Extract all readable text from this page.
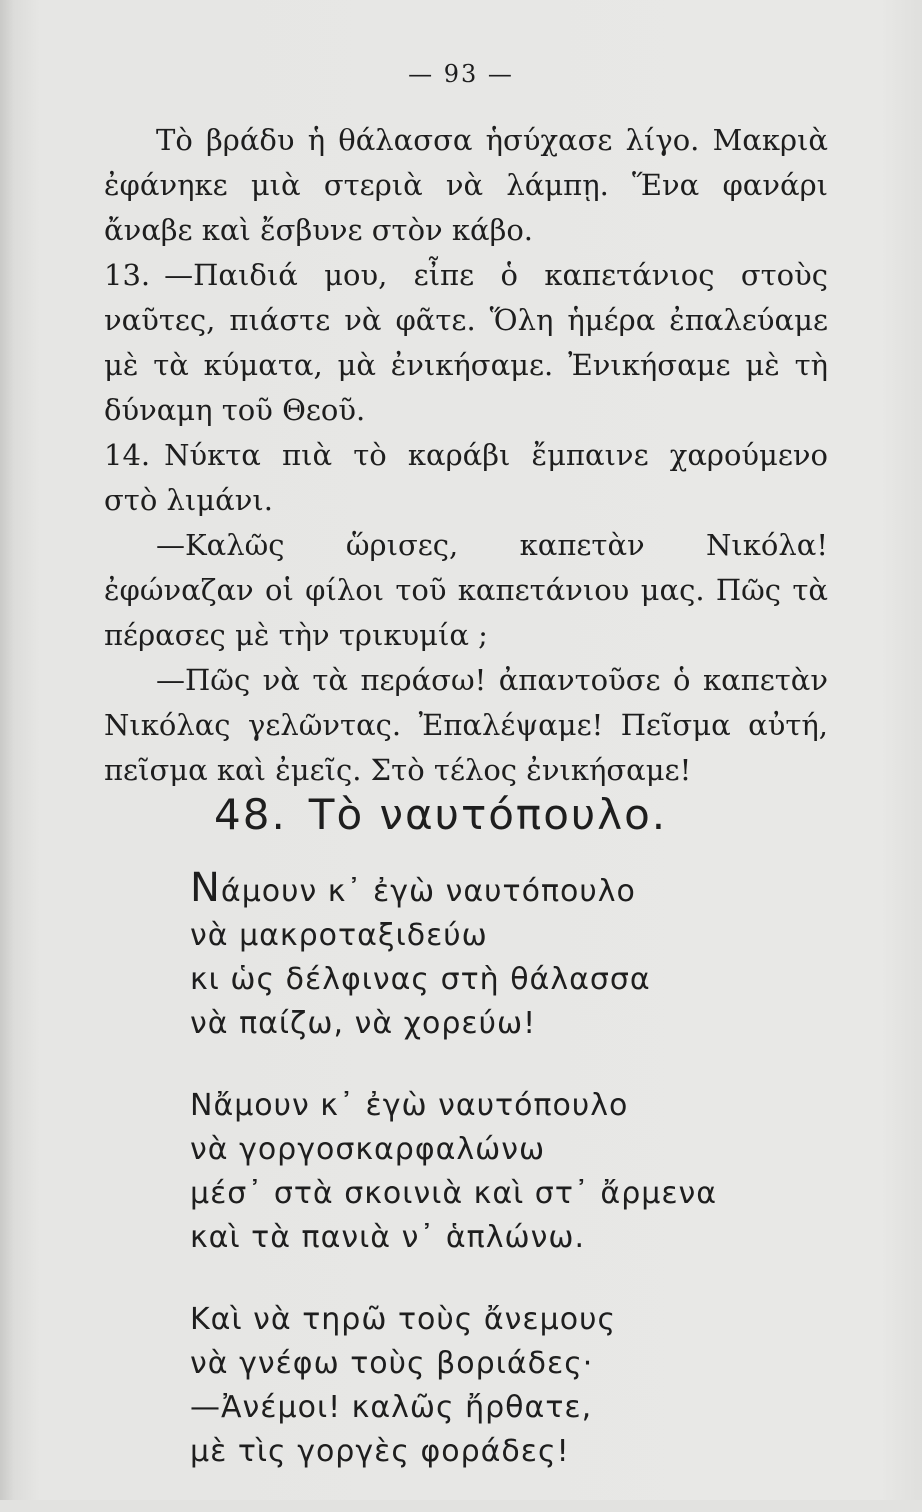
— 93 —

Τὸ βράδυ ἡ θάλασσα ἡσύχασε λίγο. Μακριὰ ἐφάνηκε μιὰ στεριὰ νὰ λάμπῃ. Ἕνα φανάρι ἄναβε καὶ ἔσβυνε στὸν κάβο.

13. —Παιδιά μου, εἶπε ὁ καπετάνιος στοὺς ναῦτες, πιάστε νὰ φᾶτε. Ὅλη ἡμέρα ἐπαλεύαμε μὲ τὰ κύματα, μὰ ἐνικήσαμε. Ἐνικήσαμε μὲ τὴ δύναμη τοῦ Θεοῦ.

14. Νύκτα πιὰ τὸ καράβι ἔμπαινε χαρούμενο στὸ λιμάνι.

—Καλῶς ὥρισες, καπετὰν Νικόλα! ἐφώναζαν οἱ φίλοι τοῦ καπετάνιου μας. Πῶς τὰ πέρασες μὲ τὴν τρικυμία ;

—Πῶς νὰ τὰ περάσω! ἀπαντοῦσε ὁ καπετὰν Νικόλας γελῶντας. Ἐπαλέψαμε! Πεῖσμα αὐτή, πεῖσμα καὶ ἐμεῖς. Στὸ τέλος ἐνικήσαμε!

48. Τὸ ναυτόπουλο.
Νάμουν κ᾽ ἐγὼ ναυτόπουλο
νὰ μακροταξιδεύω
κι ὡς δέλφινας στὴ θάλασσα
νὰ παίζω, νὰ χορεύω!
Νἄμουν κ᾽ ἐγὼ ναυτόπουλο
νὰ γοργοσκαρφαλώνω
μέσ᾽ στὰ σκοινιὰ καὶ στ᾽ ἄρμενα
καὶ τὰ πανιὰ ν᾽ ἁπλώνω.
Καὶ νὰ τηρῶ τοὺς ἄνεμους
νὰ γνέφω τοὺς βοριάδες·
—Ἀνέμοι! καλῶς ἤρθατε,
μὲ τὶς γοργὲς φοράδες!
